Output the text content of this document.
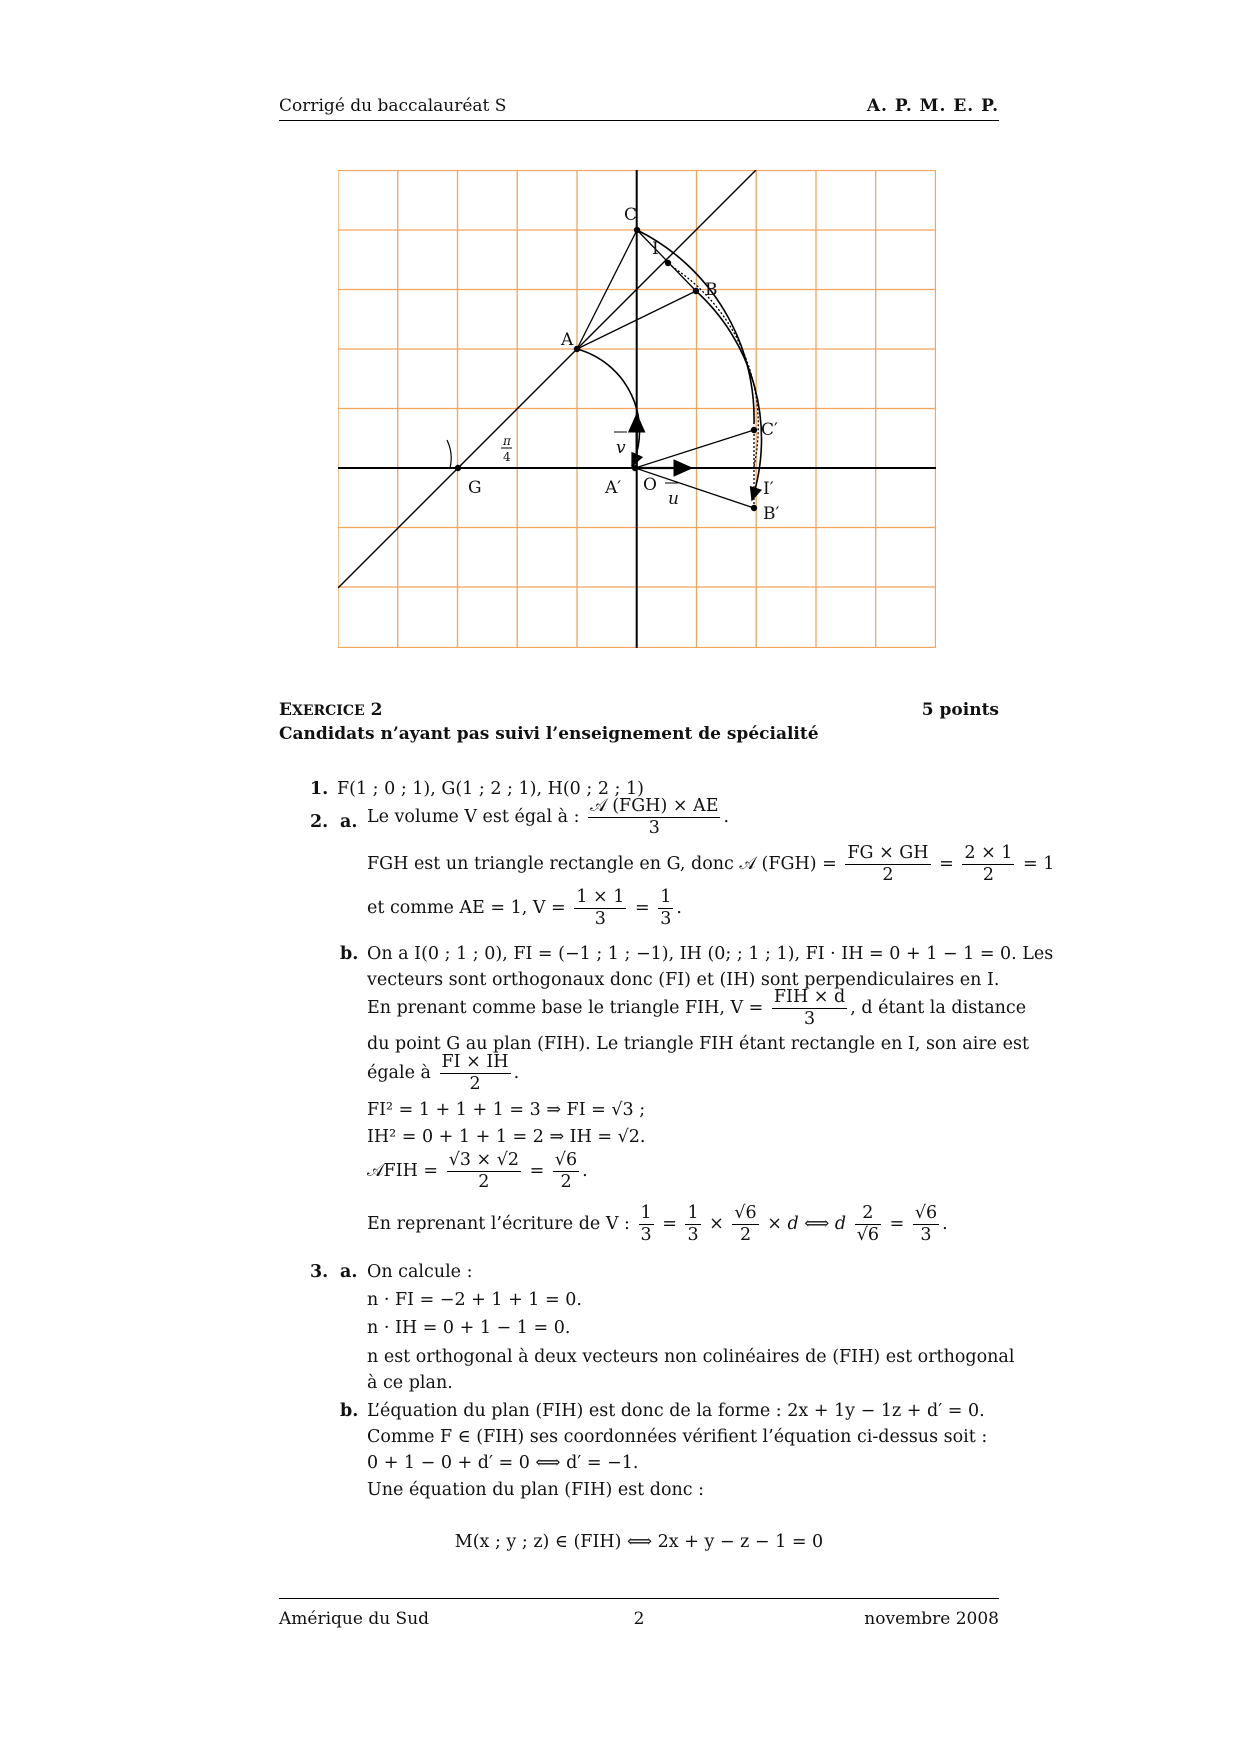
Corrigé du baccalauréat S	A. P. M. E. P.
C
I
B
A
C′
v
π
4
G	A′ O
u	I′
B′
EXERCICE 2	5 points
Candidats n’ayant pas suivi l’enseignement de spécialité
1. F(1 ; 0 ; 1), G(1 ; 2 ; 1), H(0 ; 2 ; 1)
2. a. Le volume V est égal à : $\frac{\text{𝒜 (FGH) × AE}}{3}$ .
FGH est un triangle rectangle en G, donc 𝒜 $(FGH) = \frac{FG \times GH}{2} = \frac{2 \times 1}{2} = 1$
et comme AE = 1, $V = \frac{1 \times 1}{3} = \frac{1}{3}$ .
b. On a I(0 ; 1 ; 0), FI = (−1 ; 1 ; −1), IH (0; ; 1 ; 1), FI · IH = 0 + 1 − 1 = 0. Les
vecteurs sont orthogonaux donc (FI) et (IH) sont perpendiculaires en I.
En prenant comme base le triangle FIH, $V = \frac{\text{FIH × d}}{3}$ , d étant la distance
du point G au plan (FIH). Le triangle FIH étant rectangle en I, son aire est
égale à $\frac{FI \times IH}{2}$ .
FI² = 1 + 1 + 1 = 3 ⇒ FI = √3 ;
IH² = 0 + 1 + 1 = 2 ⇒ IH = √2.
𝒜FIH = $\frac{√3 \times √2}{2} = \frac{√6}{2}$ .
En reprenant l’écriture de V : $\frac{1}{3} = \frac{1}{3} \times \frac{√6}{2} \times d$ ⟺ d $\frac{2}{√6} = \frac{√6}{3}$ .
3. a. On calcule :
n · FI = −2 + 1 + 1 = 0.
n · IH = 0 + 1 − 1 = 0.
n est orthogonal à deux vecteurs non colinéaires de (FIH) est orthogonal
à ce plan.
b. L’équation du plan (FIH) est donc de la forme : 2x + 1y − 1z + d′ = 0.
Comme F ∈ (FIH) ses coordonnées vérifient l’équation ci-dessus soit :
0 + 1 − 0 + d′ = 0 ⟺ d′ = −1.
Une équation du plan (FIH) est donc :
M(x ; y ; z) ∈ (FIH) ⟺ 2x + y − z − 1 = 0
Amérique du Sud	2	novembre 2008
